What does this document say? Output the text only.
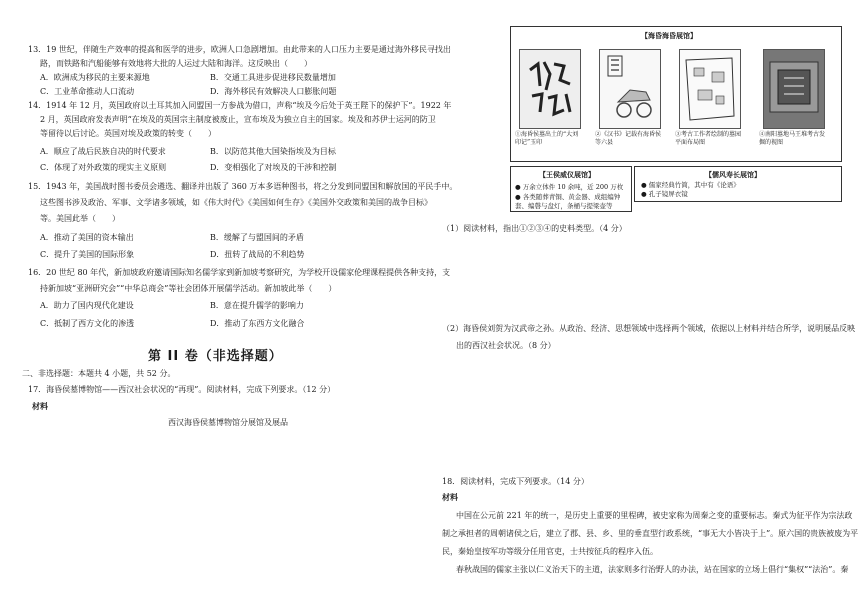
13．19 世纪，伴随生产效率的提高和医学的进步，欧洲人口急剧增加。由此带来的人口压力主要是通过海外移民寻找出
路，而铁路和汽船能够有效地将大批的人运过大陆和海洋。这反映出（　　）
A．欧洲成为移民的主要来源地	B．交通工具进步促进移民数量增加
C．工业革命推动人口流动	D．海外移民有效解决人口膨胀问题
14．1914 年 12 月，英国政府以土耳其加入同盟国一方参战为借口，声称“埃及今后处于英王陛下的保护下”。1922 年
2 月，英国政府发表声明“在埃及的英国宗主制度被废止，宣布埃及为独立自主的国家。埃及和苏伊士运河的防卫
等留待以后讨论。英国对埃及政策的转变（　　）
A．顺应了战后民族自决的时代要求	B．以防范其他大国染指埃及为目标
C．体现了对外政策的现实主义原则	D．变相强化了对埃及的干涉和控制
15．1943 年，美国战时图书委员会遴选、翻译并出版了 360 万本多语种图书，将之分发到同盟国和解放国的平民手中。
这些图书涉及政治、军事、文学诸多领域，如《伟大时代》《美国如何生存》《美国外交政策和美国的战争目标》
等。美国此举（　　）
A．推动了美国的资本输出	B．缓解了与盟国间的矛盾
C．提升了美国的国际形象	D．扭转了战局的不利趋势
16．20 世纪 80 年代，新加坡政府邀请国际知名儒学家到新加坡考察研究，为学校开设儒家伦理课程提供各种支持，支
持新加坡“亚洲研究会”“中华总商会”等社会团体开展儒学活动。新加坡此举（　　）
A．助力了国内现代化建设	B．意在提升儒学的影响力
C．抵制了西方文化的渗透	D．推动了东西方文化融合
第 II 卷（非选择题）
二、非选择题：本题共 4 小题，共 52 分。
17．海昏侯墓博物馆——西汉社会状况的“再现”。阅读材料，完成下列要求。（12 分）
材料
西汉海昏侯墓博物馆分展馆及展品
【海昏海昏展馆】
①海昏侯墓出土的“大刘印记”玉印
②《汉书》记载有海昏侯等六县
③考古工作者绘制的墓园平面布局图
④南阳墓地马王堆考古发掘的视图
【王侯威仪展馆】
● 万余立体件 10 余吨，近 200 万枚
● 各类随葬青铜、黄金器、成组编钟套、编磬与盘灯，条桶与提梁壶等
【儒风寿长展馆】
● 儒家经典竹简，其中有《论语》
● 孔子镜屏衣镜
（1）阅读材料，指出①②③④的史料类型。（4 分）
（2）海昏侯刘贺为汉武帝之孙。从政治、经济、思想领域中选择两个领域，依据以上材料并结合所学，说明展品反映
出的西汉社会状况。（8 分）
18．阅读材料，完成下列要求。（14 分）
材料
中国在公元前 221 年的统一，是历史上重要的里程碑，被史家称为周秦之变的重要标志。秦式为征平作为宗法政
制之承担者的周朝诸侯之后，建立了郡、县、乡、里的垂直型行政系统，“事无大小皆决于上”。原六国的贵族被废为平
民，秦始皇按军功等级分任用官吏，士共按征兵的程序入伍。
春秋战国的儒家主张以仁义治天下的主道，法家则多行治野人的办法，站在国家的立场上倡行“集权”“法治”。秦
